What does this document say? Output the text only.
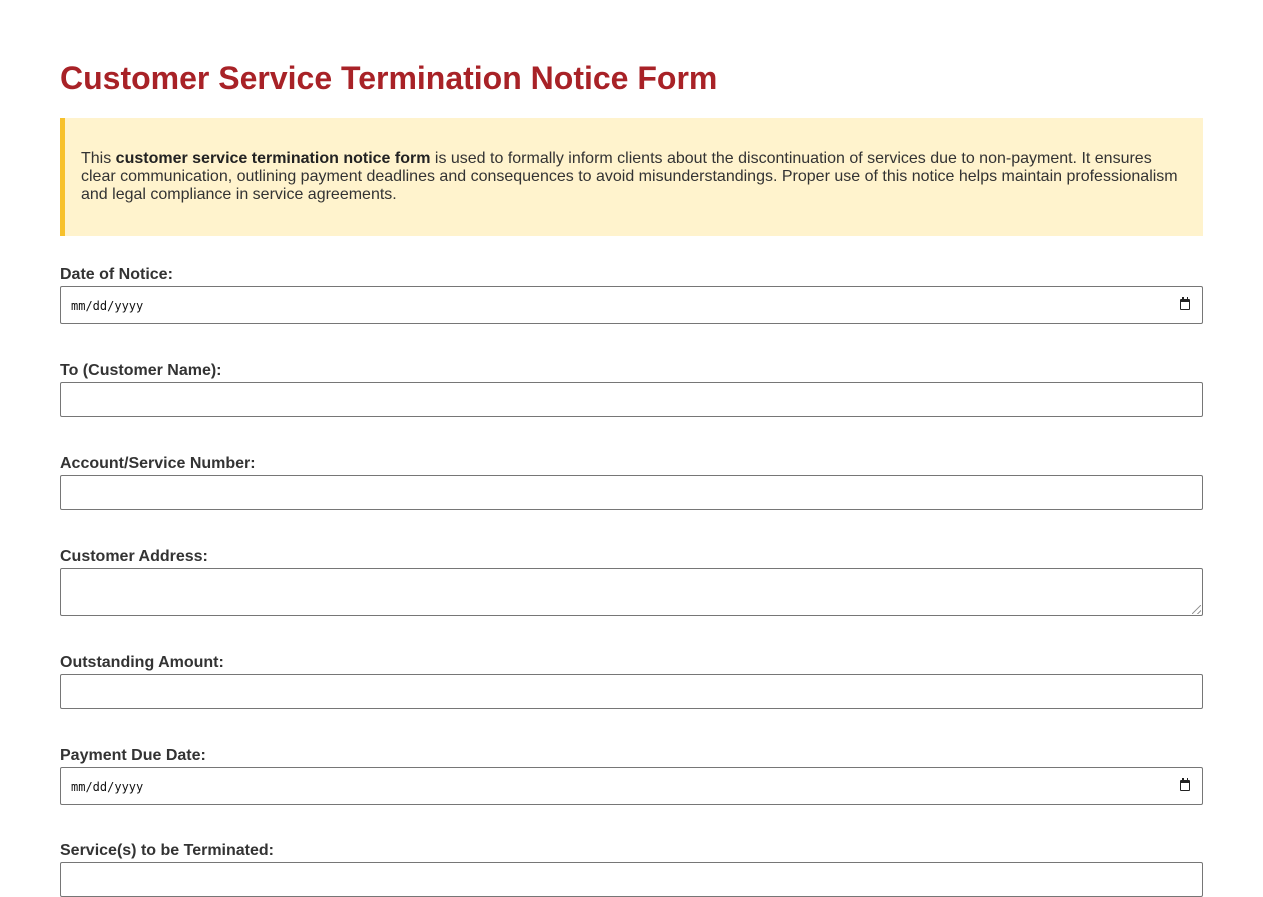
Customer Service Termination Notice Form
This customer service termination notice form is used to formally inform clients about the discontinuation of services due to non-payment. It ensures clear communication, outlining payment deadlines and consequences to avoid misunderstandings. Proper use of this notice helps maintain professionalism and legal compliance in service agreements.
Date of Notice:
mm/dd/yyyy
To (Customer Name):
Account/Service Number:
Customer Address:
Outstanding Amount:
Payment Due Date:
mm/dd/yyyy
Service(s) to be Terminated:
